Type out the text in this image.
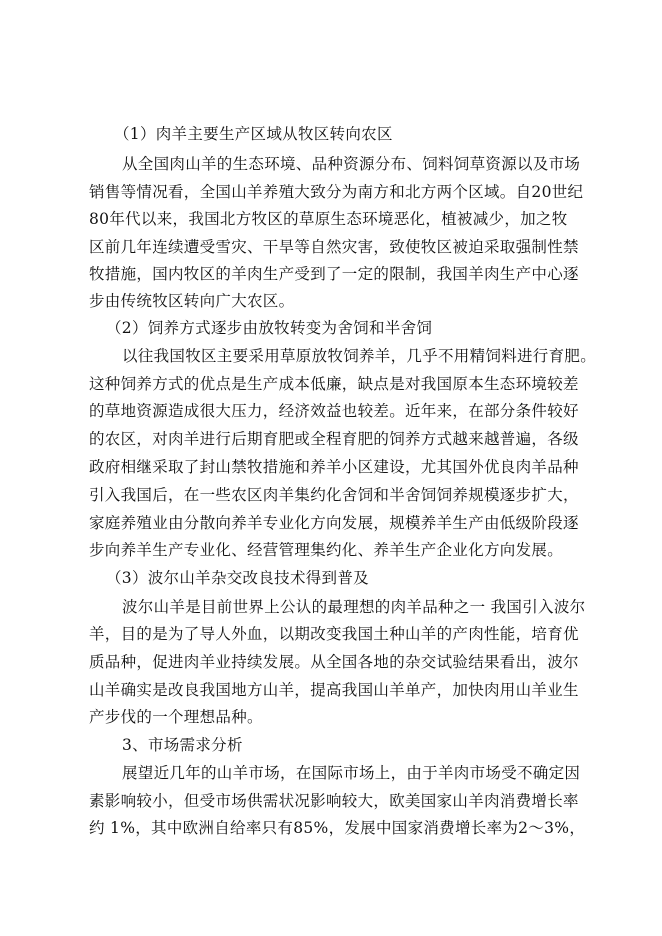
（1）肉羊主要生产区域从牧区转向农区
从全国肉山羊的生态环境、品种资源分布、饲料饲草资源以及市场
销售等情况看，全国山羊养殖大致分为南方和北方两个区域。自20世纪
80年代以来，我国北方牧区的草原生态环境恶化，植被减少，加之牧
区前几年连续遭受雪灾、干旱等自然灾害，致使牧区被迫采取强制性禁
牧措施，国内牧区的羊肉生产受到了一定的限制，我国羊肉生产中心逐
步由传统牧区转向广大农区。
（2）饲养方式逐步由放牧转变为舍饲和半舍饲
以往我国牧区主要采用草原放牧饲养羊，几乎不用精饲料进行育肥。
这种饲养方式的优点是生产成本低廉，缺点是对我国原本生态环境较差
的草地资源造成很大压力，经济效益也较差。近年来，在部分条件较好
的农区，对肉羊进行后期育肥或全程育肥的饲养方式越来越普遍，各级
政府相继采取了封山禁牧措施和养羊小区建设，尤其国外优良肉羊品种
引入我国后，在一些农区肉羊集约化舍饲和半舍饲饲养规模逐步扩大，
家庭养殖业由分散向养羊专业化方向发展，规模养羊生产由低级阶段逐
步向养羊生产专业化、经营管理集约化、养羊生产企业化方向发展。
（3）波尔山羊杂交改良技术得到普及
波尔山羊是目前世界上公认的最理想的肉羊品种之一 我国引入波尔
羊，目的是为了导人外血，以期改变我国土种山羊的产肉性能，培育优
质品种，促进肉羊业持续发展。从全国各地的杂交试验结果看出，波尔
山羊确实是改良我国地方山羊，提高我国山羊单产，加快肉用山羊业生
产步伐的一个理想品种。
3、市场需求分析
展望近几年的山羊市场，在国际市场上，由于羊肉市场受不确定因
素影响较小，但受市场供需状况影响较大，欧美国家山羊肉消费增长率
约 1%，其中欧洲自给率只有85%，发展中国家消费增长率为2～3%，
